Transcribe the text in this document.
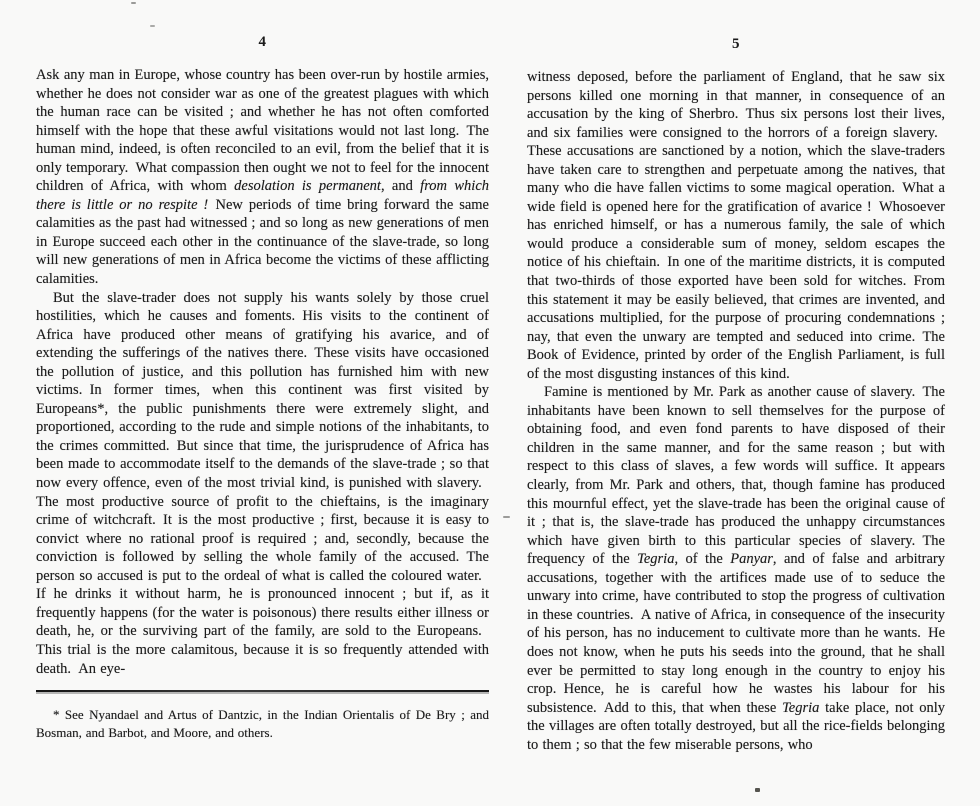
4

Ask any man in Europe, whose country has been over-run by hostile armies, whether he does not consider war as one of the greatest plagues with which the human race can be visited ; and whether he has not often comforted himself with the hope that these awful visitations would not last long. The human mind, indeed, is often reconciled to an evil, from the belief that it is only temporary. What compassion then ought we not to feel for the innocent children of Africa, with whom desolation is permanent, and from which there is little or no respite ! New periods of time bring forward the same calamities as the past had witnessed ; and so long as new generations of men in Europe succeed each other in the continuance of the slave-trade, so long will new generations of men in Africa become the victims of these afflicting calamities.

But the slave-trader does not supply his wants solely by those cruel hostilities, which he causes and foments. His visits to the continent of Africa have produced other means of gratifying his avarice, and of extending the sufferings of the natives there. These visits have occasioned the pollution of justice, and this pollution has furnished him with new victims. In former times, when this continent was first visited by Europeans*, the public punishments there were extremely slight, and proportioned, according to the rude and simple notions of the inhabitants, to the crimes committed. But since that time, the jurisprudence of Africa has been made to accommodate itself to the demands of the slave-trade ; so that now every offence, even of the most trivial kind, is punished with slavery. The most productive source of profit to the chieftains, is the imaginary crime of witchcraft. It is the most productive ; first, because it is easy to convict where no rational proof is required ; and, secondly, because the conviction is followed by selling the whole family of the accused. The person so accused is put to the ordeal of what is called the coloured water. If he drinks it without harm, he is pronounced innocent ; but if, as it frequently happens (for the water is poisonous) there results either illness or death, he, or the surviving part of the family, are sold to the Europeans. This trial is the more calamitous, because it is so frequently attended with death. An eye-

* See Nyandael and Artus of Dantzic, in the Indian Orientalis of De Bry ; and Bosman, and Barbot, and Moore, and others.

5

witness deposed, before the parliament of England, that he saw six persons killed one morning in that manner, in consequence of an accusation by the king of Sherbro. Thus six persons lost their lives, and six families were consigned to the horrors of a foreign slavery. These accusations are sanctioned by a notion, which the slave-traders have taken care to strengthen and perpetuate among the natives, that many who die have fallen victims to some magical operation. What a wide field is opened here for the gratification of avarice ! Whosoever has enriched himself, or has a numerous family, the sale of which would produce a considerable sum of money, seldom escapes the notice of his chieftain. In one of the maritime districts, it is computed that two-thirds of those exported have been sold for witches. From this statement it may be easily believed, that crimes are invented, and accusations multiplied, for the purpose of procuring condemnations ; nay, that even the unwary are tempted and seduced into crime. The Book of Evidence, printed by order of the English Parliament, is full of the most disgusting instances of this kind.

Famine is mentioned by Mr. Park as another cause of slavery. The inhabitants have been known to sell themselves for the purpose of obtaining food, and even fond parents to have disposed of their children in the same manner, and for the same reason ; but with respect to this class of slaves, a few words will suffice. It appears clearly, from Mr. Park and others, that, though famine has produced this mournful effect, yet the slave-trade has been the original cause of it ; that is, the slave-trade has produced the unhappy circumstances which have given birth to this particular species of slavery. The frequency of the Tegria, of the Panyar, and of false and arbitrary accusations, together with the artifices made use of to seduce the unwary into crime, have contributed to stop the progress of cultivation in these countries. A native of Africa, in consequence of the insecurity of his person, has no inducement to cultivate more than he wants. He does not know, when he puts his seeds into the ground, that he shall ever be permitted to stay long enough in the country to enjoy his crop. Hence, he is careful how he wastes his labour for his subsistence. Add to this, that when these Tegria take place, not only the villages are often totally destroyed, but all the rice-fields belonging to them ; so that the few miserable persons, who
